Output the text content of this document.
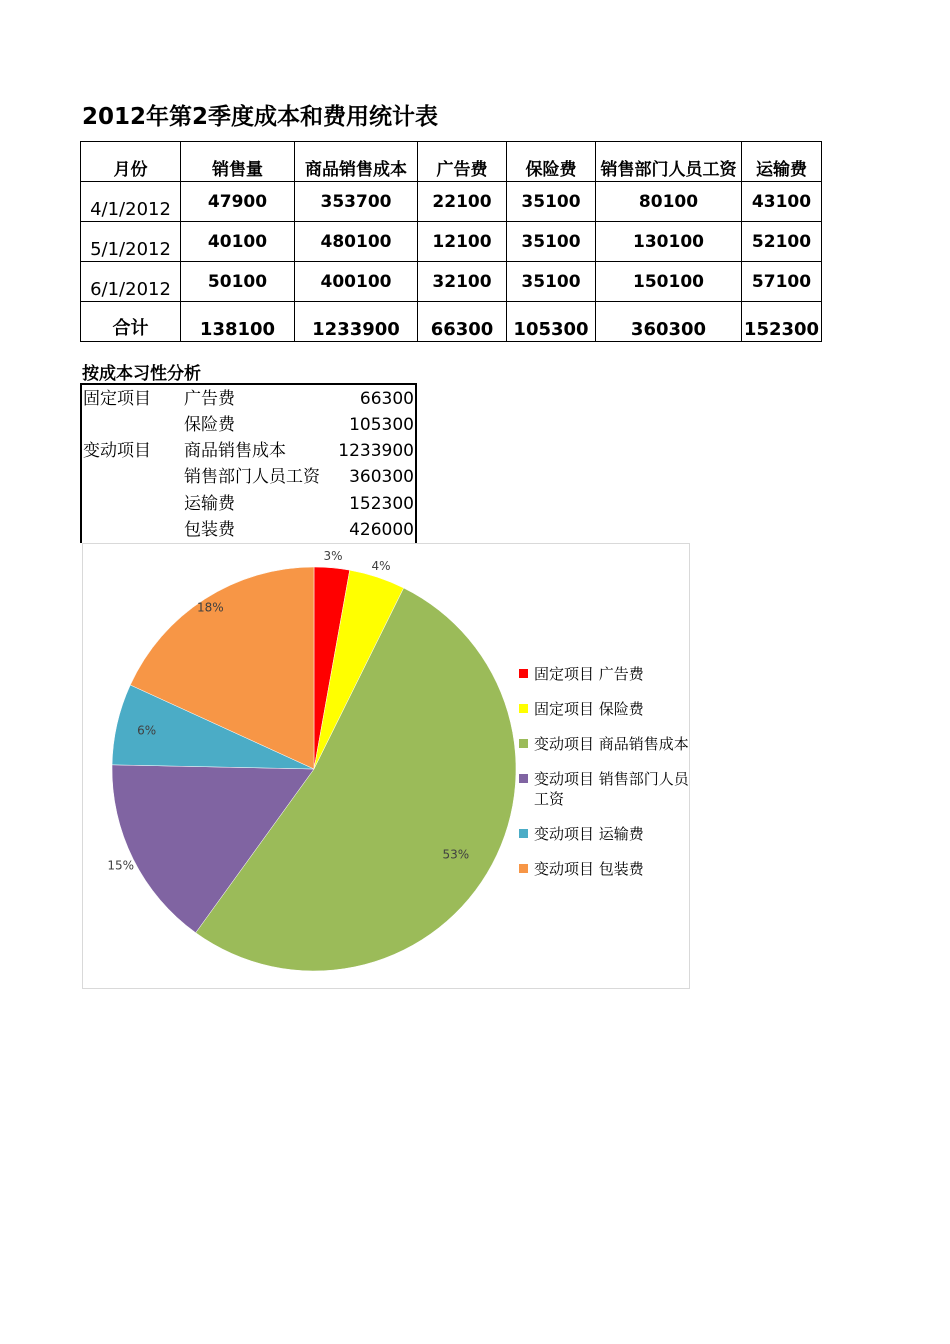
2012年第2季度成本和费用统计表
月份	销售量	商品销售成本	广告费	保险费	销售部门人员工资	运输费
4/1/2012	47900	353700	22100	35100	80100	43100
5/1/2012	40100	480100	12100	35100	130100	52100
6/1/2012	50100	400100	32100	35100	150100	57100
合计	138100	1233900	66300	105300	360300	152300
按成本习性分析
固定项目 广告费	66300
保险费	105300
变动项目 商品销售成本	1233900
销售部门人员工资 360300
运输费	152300
包装费	426000
3%
4%
53%
15%
6%
18%
固定项目 广告费
固定项目 保险费
变动项目 商品销售成本
变动项目 销售部门人员工资
变动项目 运输费
变动项目 包装费
